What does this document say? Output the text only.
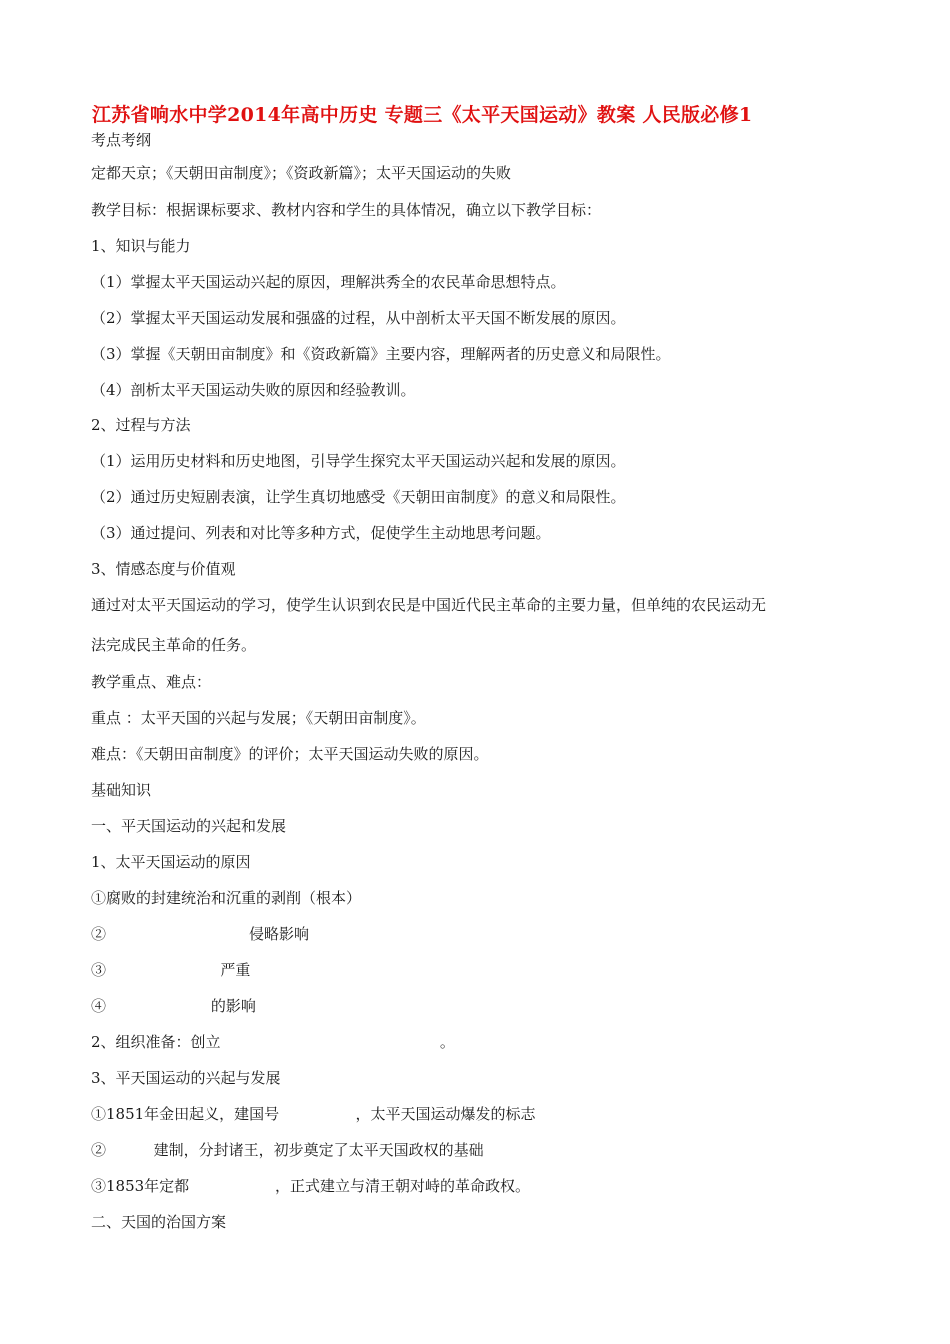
江苏省响水中学2014年高中历史 专题三《太平天国运动》教案 人民版必修1
考点考纲
定都天京；《天朝田亩制度》；《资政新篇》；太平天国运动的失败
教学目标：根据课标要求、教材内容和学生的具体情况，确立以下教学目标：
1、知识与能力
（1）掌握太平天国运动兴起的原因，理解洪秀全的农民革命思想特点。
（2）掌握太平天国运动发展和强盛的过程，从中剖析太平天国不断发展的原因。
（3）掌握《天朝田亩制度》和《资政新篇》主要内容，理解两者的历史意义和局限性。
（4）剖析太平天国运动失败的原因和经验教训。
2、过程与方法
（1）运用历史材料和历史地图，引导学生探究太平天国运动兴起和发展的原因。
（2）通过历史短剧表演，让学生真切地感受《天朝田亩制度》的意义和局限性。
（3）通过提问、列表和对比等多种方式，促使学生主动地思考问题。
3、情感态度与价值观
通过对太平天国运动的学习，使学生认识到农民是中国近代民主革命的主要力量，但单纯的农民运动无
法完成民主革命的任务。
教学重点、难点：
重点 ：太平天国的兴起与发展；《天朝田亩制度》。
难点：《天朝田亩制度》的评价；太平天国运动失败的原因。
基础知识
一、平天国运动的兴起和发展
1、太平天国运动的原因
①腐败的封建统治和沉重的剥削（根本）
②                              侵略影响
③                        严重
④                      的影响
2、组织准备：创立                                              。
3、平天国运动的兴起与发展
①1851年金田起义，建国号                ，太平天国运动爆发的标志
②          建制，分封诸王，初步奠定了太平天国政权的基础
③1853年定都                  ，正式建立与清王朝对峙的革命政权。
二、天国的治国方案
